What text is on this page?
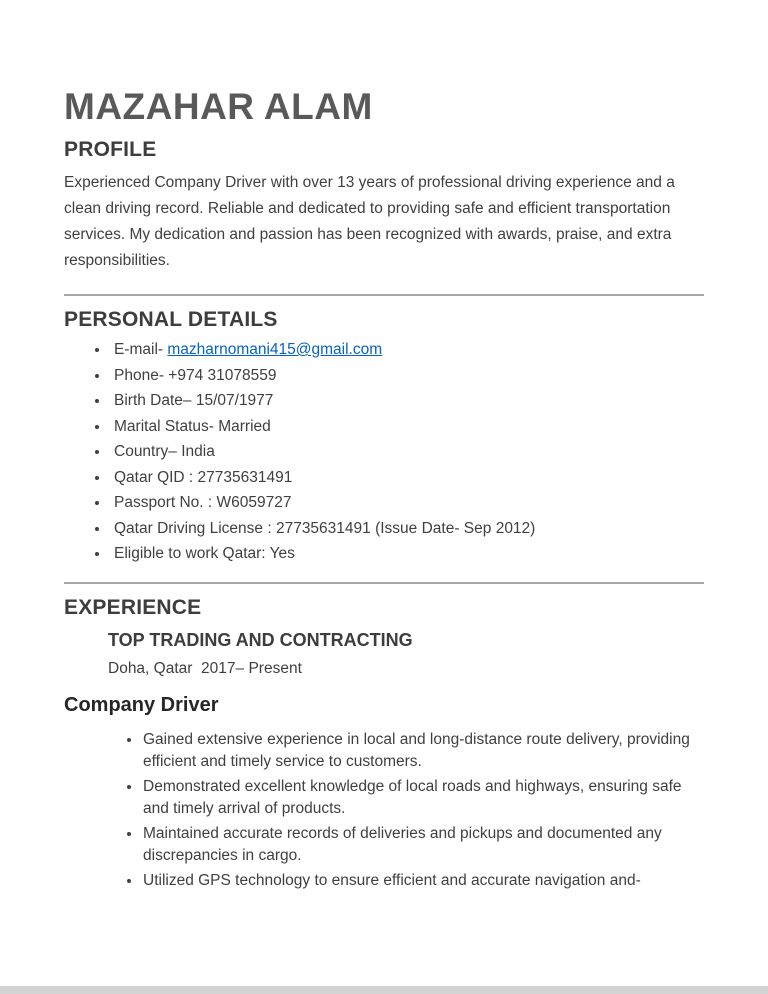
MAZAHAR ALAM
PROFILE

Experienced Company Driver with over 13 years of professional driving experience and a clean driving record. Reliable and dedicated to providing safe and efficient transportation services. My dedication and passion has been recognized with awards, praise, and extra responsibilities.

PERSONAL DETAILS
• E-mail- mazharnomani415@gmail.com
• Phone- +974 31078559
• Birth Date– 15/07/1977
• Marital Status- Married
• Country– India
• Qatar QID : 27735631491
• Passport No. : W6059727
• Qatar Driving License : 27735631491 (Issue Date- Sep 2012)
• Eligible to work Qatar: Yes
EXPERIENCE
TOP TRADING AND CONTRACTING
Doha, Qatar  2017– Present
Company Driver
• Gained extensive experience in local and long-distance route delivery, providing efficient and timely service to customers.
• Demonstrated excellent knowledge of local roads and highways, ensuring safe and timely arrival of products.
• Maintained accurate records of deliveries and pickups and documented any discrepancies in cargo.
• Utilized GPS technology to ensure efficient and accurate navigation and-
